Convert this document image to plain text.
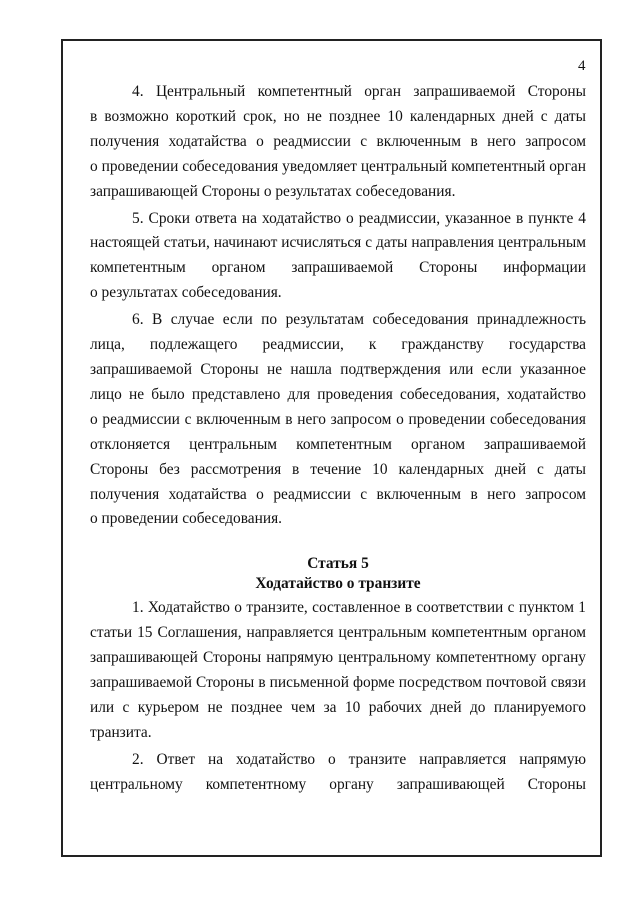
4
4. Центральный компетентный орган запрашиваемой Стороны
в возможно короткий срок, но не позднее 10 календарных дней с даты
получения ходатайства о реадмиссии с включенным в него запросом
о проведении собеседования уведомляет центральный компетентный орган
запрашивающей Стороны о результатах собеседования.
5. Сроки ответа на ходатайство о реадмиссии, указанное в пункте 4
настоящей статьи, начинают исчисляться с даты направления центральным
компетентным органом запрашиваемой Стороны информации
о результатах собеседования.
6. В случае если по результатам собеседования принадлежность
лица, подлежащего реадмиссии, к гражданству государства
запрашиваемой Стороны не нашла подтверждения или если указанное
лицо не было представлено для проведения собеседования, ходатайство
о реадмиссии с включенным в него запросом о проведении собеседования
отклоняется центральным компетентным органом запрашиваемой
Стороны без рассмотрения в течение 10 календарных дней с даты
получения ходатайства о реадмиссии с включенным в него запросом
о проведении собеседования.

Статья 5

Ходатайство о транзите

1. Ходатайство о транзите, составленное в соответствии с пунктом 1
статьи 15 Соглашения, направляется центральным компетентным органом
запрашивающей Стороны напрямую центральному компетентному органу
запрашиваемой Стороны в письменной форме посредством почтовой связи
или с курьером не позднее чем за 10 рабочих дней до планируемого
транзита.
2. Ответ на ходатайство о транзите направляется напрямую
центральному компетентному органу запрашивающей Стороны
